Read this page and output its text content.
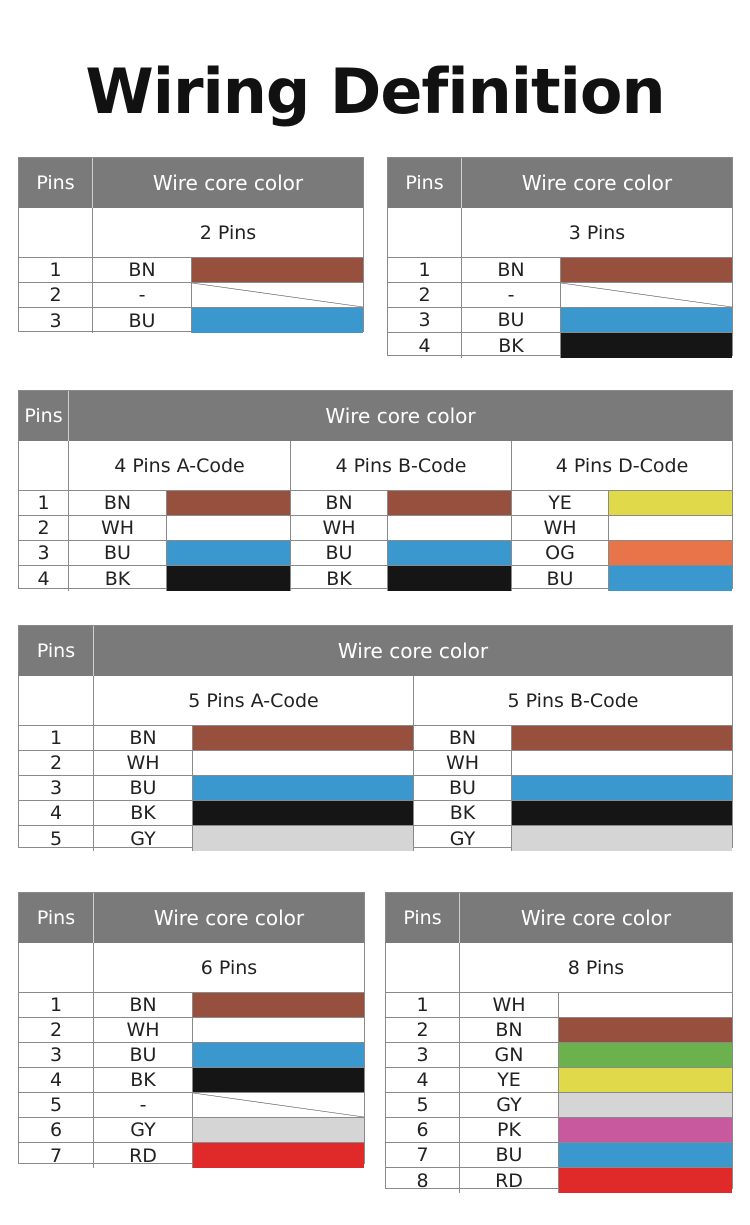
Wiring Definition
Pins	Wire core color
2 Pins
1	BN
2	-
3	BU
Pins	Wire core color
3 Pins
1	BN
2	-
3	BU
4	BK
Pins	Wire core color
4 Pins A-Code	4 Pins B-Code	4 Pins D-Code
1	BN	BN	YE
2	WH	WH	WH
3	BU	BU	OG
4	BK	BK	BU
Pins	Wire core color
5 Pins A-Code	5 Pins B-Code
1	BN	BN
2	WH	WH
3	BU	BU
4	BK	BK
5	GY	GY
Pins	Wire core color
6 Pins
1	BN
2	WH
3	BU
4	BK
5	-
6	GY
7	RD
Pins	Wire core color
8 Pins
1	WH
2	BN
3	GN
4	YE
5	GY
6	PK
7	BU
8	RD
